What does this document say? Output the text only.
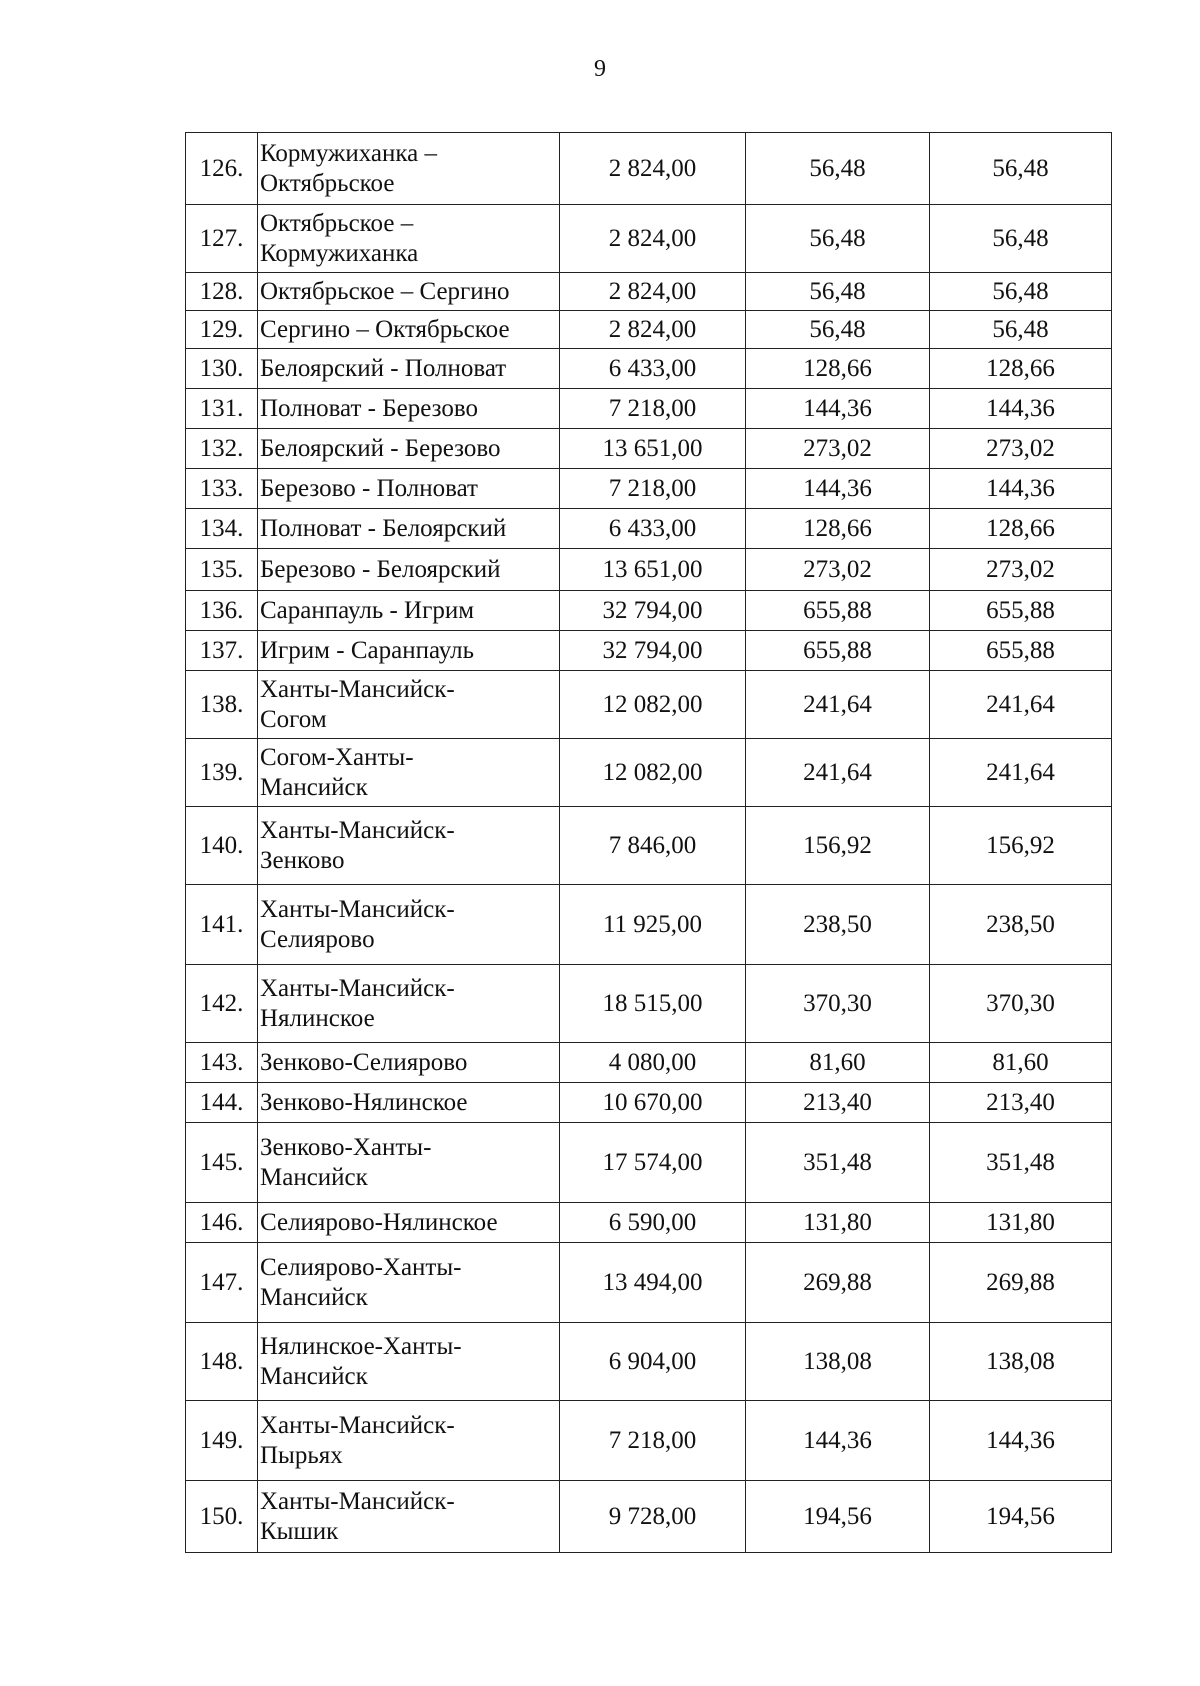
9
126.	Кормужиханка –
Октябрьское	2 824,00	56,48	56,48
127.	Октябрьское –
Кормужиханка	2 824,00	56,48	56,48
128.	Октябрьское – Сергино	2 824,00	56,48	56,48
129.	Сергино – Октябрьское	2 824,00	56,48	56,48
130.	Белоярский - Полноват	6 433,00	128,66	128,66
131.	Полноват - Березово	7 218,00	144,36	144,36
132.	Белоярский - Березово	13 651,00	273,02	273,02
133.	Березово - Полноват	7 218,00	144,36	144,36
134.	Полноват - Белоярский	6 433,00	128,66	128,66
135.	Березово - Белоярский	13 651,00	273,02	273,02
136.	Саранпауль - Игрим	32 794,00	655,88	655,88
137.	Игрим - Саранпауль	32 794,00	655,88	655,88
138.	Ханты-Мансийск-
Согом	12 082,00	241,64	241,64
139.	Согом-Ханты-
Мансийск	12 082,00	241,64	241,64
140.	Ханты-Мансийск-
Зенково	7 846,00	156,92	156,92
141.	Ханты-Мансийск-
Селиярово	11 925,00	238,50	238,50
142.	Ханты-Мансийск-
Нялинское	18 515,00	370,30	370,30
143.	Зенково-Селиярово	4 080,00	81,60	81,60
144.	Зенково-Нялинское	10 670,00	213,40	213,40
145.	Зенково-Ханты-
Мансийск	17 574,00	351,48	351,48
146.	Селиярово-Нялинское	6 590,00	131,80	131,80
147.	Селиярово-Ханты-
Мансийск	13 494,00	269,88	269,88
148.	Нялинское-Ханты-
Мансийск	6 904,00	138,08	138,08
149.	Ханты-Мансийск-
Пырьях	7 218,00	144,36	144,36
150.	Ханты-Мансийск-
Кышик	9 728,00	194,56	194,56
